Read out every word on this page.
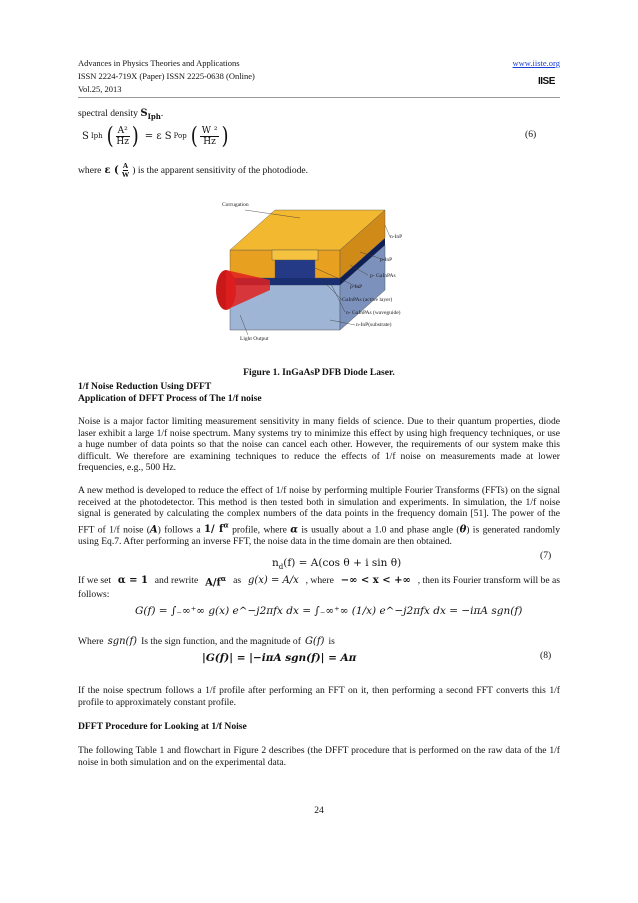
Advances in Physics Theories and Applications
ISSN 2224-719X (Paper) ISSN 2225-0638 (Online)
Vol.25, 2013
www.iiste.org
IISE
spectral density $S_{Iph}$.
S Iph ( $\frac{\text{A²}}{Hz}$ ) = ε S Pop ( $\frac{\text{W ²}}{Hz}$ )	(6)
where ε ( $\frac{A}{W}$ ) is the apparent sensitivity of the photodiode.
Corrugation
n-InP
p-InP
p- GaInPAs
p-InP
GaInPAs (active layer)
n- GaInPAs (waveguide)
n-InP(substrate)
Light Output
Figure 1. InGaAsP DFB Diode Laser.
1/f Noise Reduction Using DFFT
Application of DFFT Process of The 1/f noise
Noise is a major factor limiting measurement sensitivity in many fields of science. Due to their quantum properties, diode laser exhibit a large 1/f noise spectrum. Many systems try to minimize this effect by using high frequency techniques, or use a huge number of data points so that the noise can cancel each other. However, the requirements of our system make this difficult. We therefore are examining techniques to reduce the effects of 1/f noise on measurements made at lower frequencies, e.g., 500 Hz.
A new method is developed to reduce the effect of 1/f noise by performing multiple Fourier Transforms (FFTs) on the signal received at the photodetector. This method is then tested both in simulation and experiments. In simulation, the 1/f noise signal is generated by calculating the complex numbers of the data points in the frequency domain [51]. The power of the FFT of 1/f noise (A) follows a 1/ $f^\alpha$ profile, where α is usually about a 1.0 and phase angle (θ) is generated randomly using Eq.7. After performing an inverse FFT, the noise data in the time domain are then obtained.
$n_d(f) = A(\cos$ θ + i sin θ)
(7)
If we set α = 1 and rewrite $A/f^\alpha$ as g(x) = A/x , where −∞ < x < +∞ , then its Fourier transform will be as
follows:
G(f) = ∫₋∞⁺∞ g(x) e^−j2πfx dx = ∫₋∞⁺∞ (1/x) e^−j2πfx dx = −iπA sgn(f)
Where sgn(f) Is the sign function, and the magnitude of G(f) is
|G(f)| = |−iπA sgn(f)| = Aπ	(8)
If the noise spectrum follows a 1/f profile after performing an FFT on it, then performing a second FFT converts this 1/f profile to approximately constant profile.
DFFT Procedure for Looking at 1/f Noise
The following Table 1 and flowchart in Figure 2 describes (the DFFT procedure that is performed on the raw data of the 1/f noise in both simulation and on the experimental data.
24
